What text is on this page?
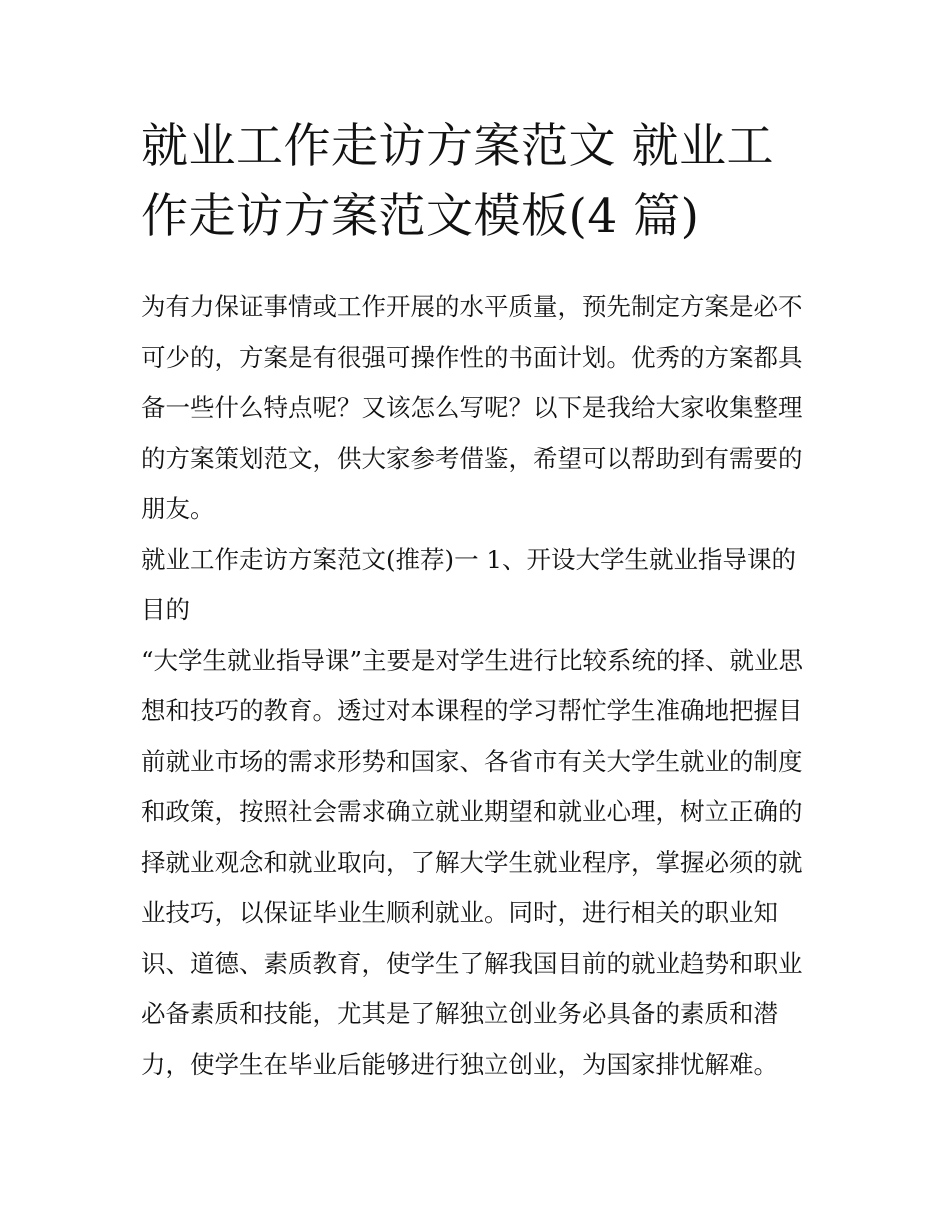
就业工作走访方案范文 就业工
作走访方案范文模板(4 篇)
为有力保证事情或工作开展的水平质量，预先制定方案是必不
可少的，方案是有很强可操作性的书面计划。优秀的方案都具
备一些什么特点呢？又该怎么写呢？以下是我给大家收集整理
的方案策划范文，供大家参考借鉴，希望可以帮助到有需要的
朋友。
就业工作走访方案范文(推荐)一 1、开设大学生就业指导课的
目的
“大学生就业指导课”主要是对学生进行比较系统的择、就业思
想和技巧的教育。透过对本课程的学习帮忙学生准确地把握目
前就业市场的需求形势和国家、各省市有关大学生就业的制度
和政策，按照社会需求确立就业期望和就业心理，树立正确的
择就业观念和就业取向，了解大学生就业程序，掌握必须的就
业技巧，以保证毕业生顺利就业。同时，进行相关的职业知
识、道德、素质教育，使学生了解我国目前的就业趋势和职业
必备素质和技能，尤其是了解独立创业务必具备的素质和潜
力，使学生在毕业后能够进行独立创业，为国家排忧解难。
